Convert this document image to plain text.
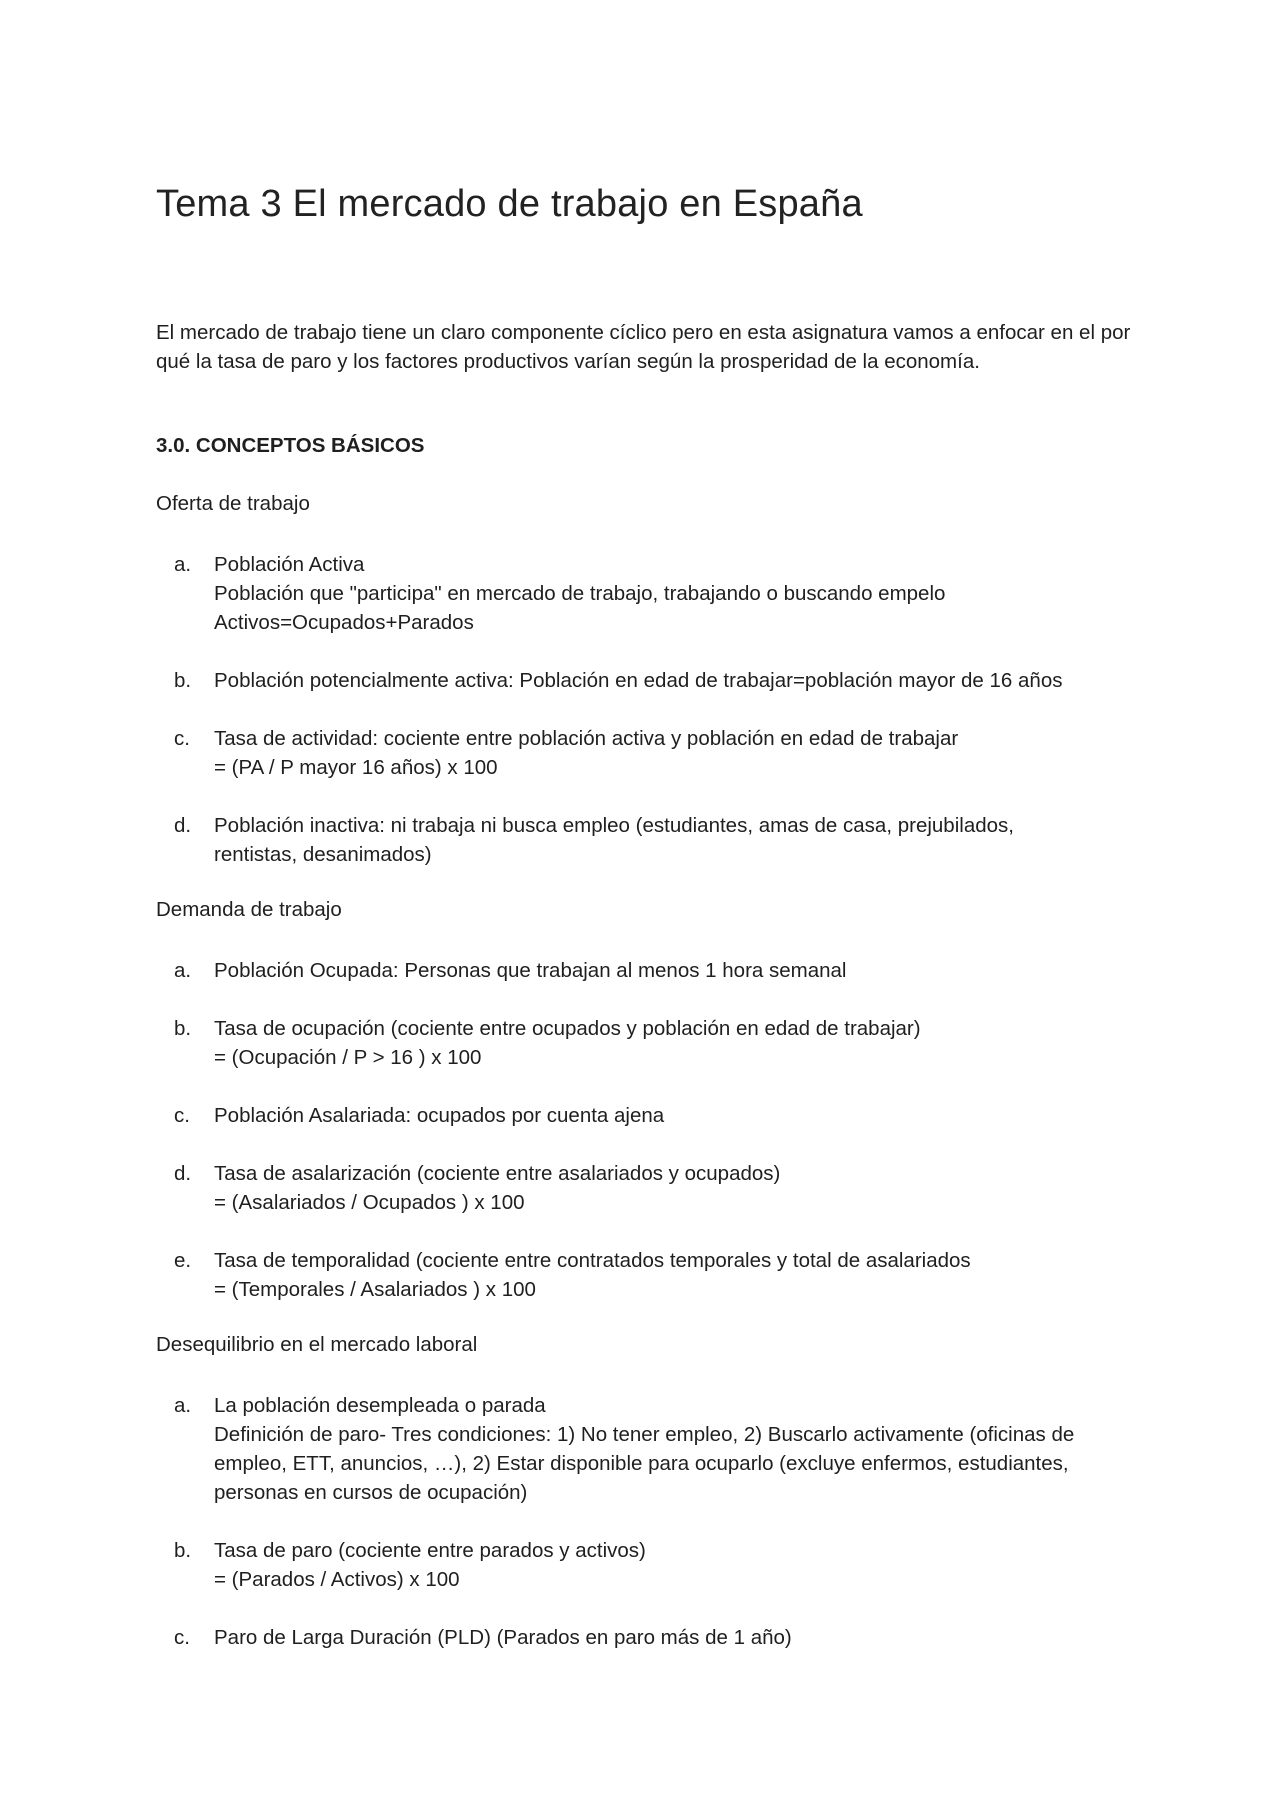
Tema 3 El mercado de trabajo en España

El mercado de trabajo tiene un claro componente cíclico pero en esta asignatura vamos a enfocar en el por qué la tasa de paro y los factores productivos varían según la prosperidad de la economía.

3.0. CONCEPTOS BÁSICOS

Oferta de trabajo

a.	Población Activa
Población que "participa" en mercado de trabajo, trabajando o buscando empelo
Activos=Ocupados+Parados
b.	Población potencialmente activa: Población en edad de trabajar=población mayor de 16 años
c.	Tasa de actividad: cociente entre población activa y población en edad de trabajar
= (PA / P mayor 16 años) x 100
d.	Población inactiva: ni trabaja ni busca empleo (estudiantes, amas de casa, prejubilados,
rentistas, desanimados)

Demanda de trabajo

a.	Población Ocupada: Personas que trabajan al menos 1 hora semanal
b.	Tasa de ocupación (cociente entre ocupados y población en edad de trabajar)
= (Ocupación / P > 16 ) x 100
c.	Población Asalariada: ocupados por cuenta ajena
d.	Tasa de asalarización (cociente entre asalariados y ocupados)
= (Asalariados / Ocupados ) x 100
e.	Tasa de temporalidad (cociente entre contratados temporales y total de asalariados
= (Temporales / Asalariados ) x 100

Desequilibrio en el mercado laboral

a.	La población desempleada o parada
Definición de paro- Tres condiciones: 1) No tener empleo, 2) Buscarlo activamente (oficinas de
empleo, ETT, anuncios, …), 2) Estar disponible para ocuparlo (excluye enfermos, estudiantes,
personas en cursos de ocupación)
b.	Tasa de paro (cociente entre parados y activos)
= (Parados / Activos) x 100
c.	Paro de Larga Duración (PLD) (Parados en paro más de 1 año)
